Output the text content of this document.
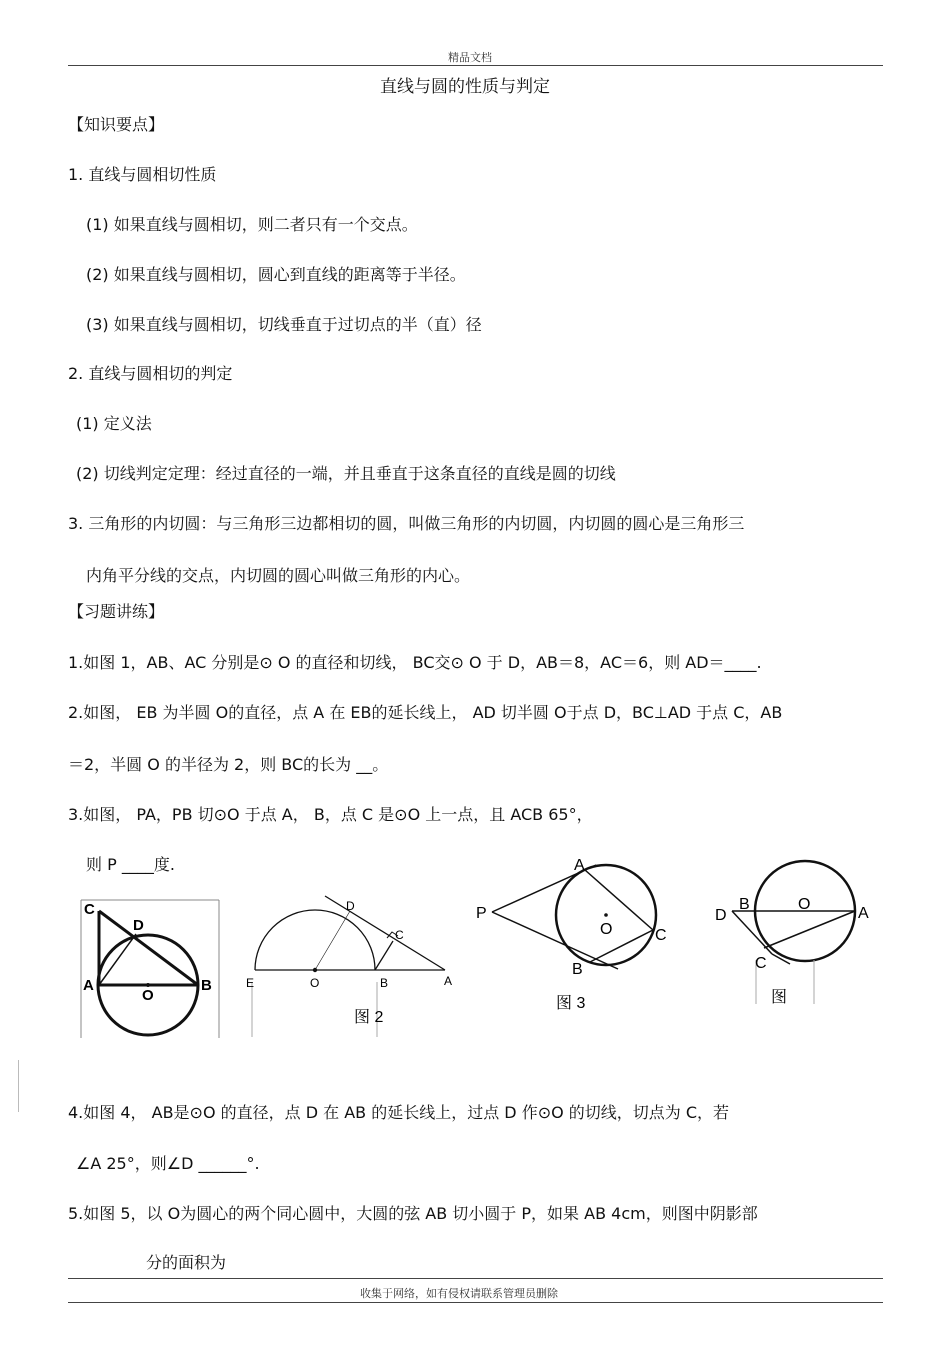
精品文档
直线与圆的性质与判定
【知识要点】
1. 直线与圆相切性质
(1) 如果直线与圆相切，则二者只有一个交点。
(2) 如果直线与圆相切，圆心到直线的距离等于半径。
(3) 如果直线与圆相切，切线垂直于过切点的半（直）径
2. 直线与圆相切的判定
(1) 定义法
(2) 切线判定定理：经过直径的一端，并且垂直于这条直径的直线是圆的切线
3. 三角形的内切圆：与三角形三边都相切的圆，叫做三角形的内切圆，内切圆的圆心是三角形三
内角平分线的交点，内切圆的圆心叫做三角形的内心。
【习题讲练】
1.如图 1，AB、AC 分别是⊙ O 的直径和切线， BC交⊙ O 于 D，AB＝8，AC＝6，则 AD＝____.
2.如图， EB 为半圆 O的直径，点 A 在 EB的延长线上， AD 切半圆 O于点 D，BC⊥AD 于点 C，AB
＝2，半圆 O 的半径为 2，则 BC的长为 __。
3.如图， PA，PB 切⊙O 于点 A， B，点 C 是⊙O 上一点，且 ACB 65°，
则 P ____度.
C
D
A
O
B
D
C
E	O	B	A
图 2
A
P
O	C
B
图 3
B	O
A
D
C
图
4.如图 4， AB是⊙O 的直径，点 D 在 AB 的延长线上，过点 D 作⊙O 的切线，切点为 C，若
∠A 25°，则∠D ______°.
5.如图 5，以 O为圆心的两个同心圆中，大圆的弦 AB 切小圆于 P，如果 AB 4cm，则图中阴影部
分的面积为
收集于网络，如有侵权请联系管理员删除
